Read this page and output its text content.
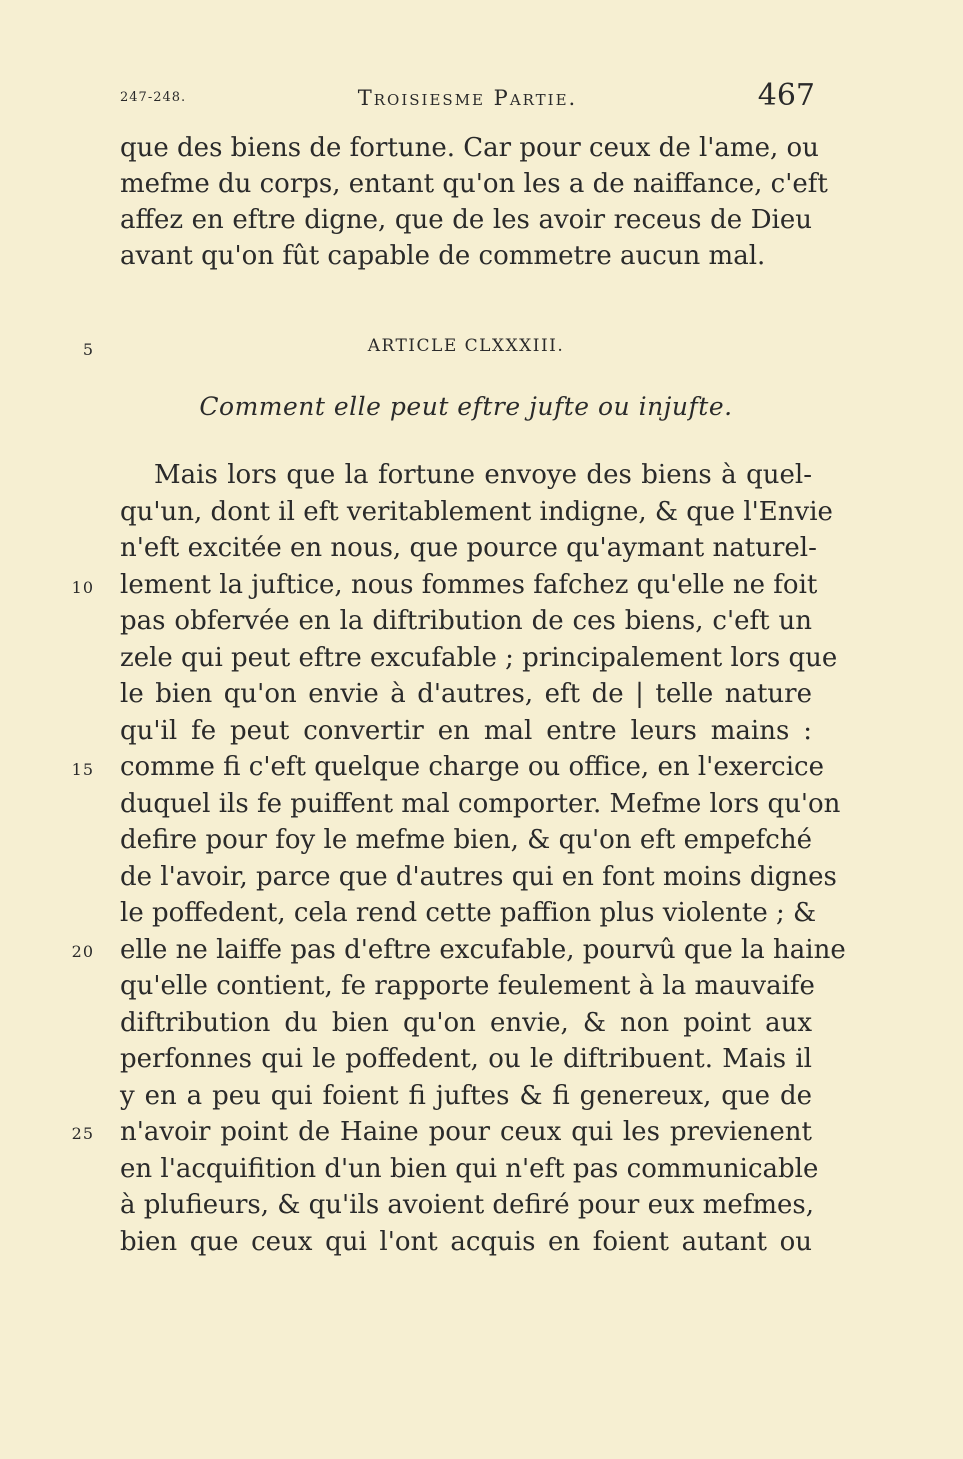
247-248.	Troisiesme Partie.	467
que des biens de fortune. Car pour ceux de l'ame, ou
mefme du corps, entant qu'on les a de naiffance, c'eft
affez en eftre digne, que de les avoir receus de Dieu
avant qu'on fût capable de commetre aucun mal.
5	ARTICLE CLXXXIII.
Comment elle peut eftre jufte ou injufte.
Mais lors que la fortune envoye des biens à quel-
qu'un, dont il eft veritablement indigne, & que l'Envie
n'eft excitée en nous, que pource qu'aymant naturel-
lement la juftice, nous fommes fafchez qu'elle ne foit
pas obfervée en la diftribution de ces biens, c'eft un
zele qui peut eftre excufable ; principalement lors que
le bien qu'on envie à d'autres, eft de | telle nature
qu'il fe peut convertir en mal entre leurs mains :
comme fi c'eft quelque charge ou office, en l'exercice
duquel ils fe puiffent mal comporter. Mefme lors qu'on
defire pour foy le mefme bien, & qu'on eft empefché
de l'avoir, parce que d'autres qui en font moins dignes
le poffedent, cela rend cette paffion plus violente ; &
elle ne laiffe pas d'eftre excufable, pourvû que la haine
qu'elle contient, fe rapporte feulement à la mauvaife
diftribution du bien qu'on envie, & non point aux
perfonnes qui le poffedent, ou le diftribuent. Mais il
y en a peu qui foient fi juftes & fi genereux, que de
n'avoir point de Haine pour ceux qui les previenent
en l'acquifition d'un bien qui n'eft pas communicable
à plufieurs, & qu'ils avoient defiré pour eux mefmes,
bien que ceux qui l'ont acquis en foient autant ou
10
15
20
25
